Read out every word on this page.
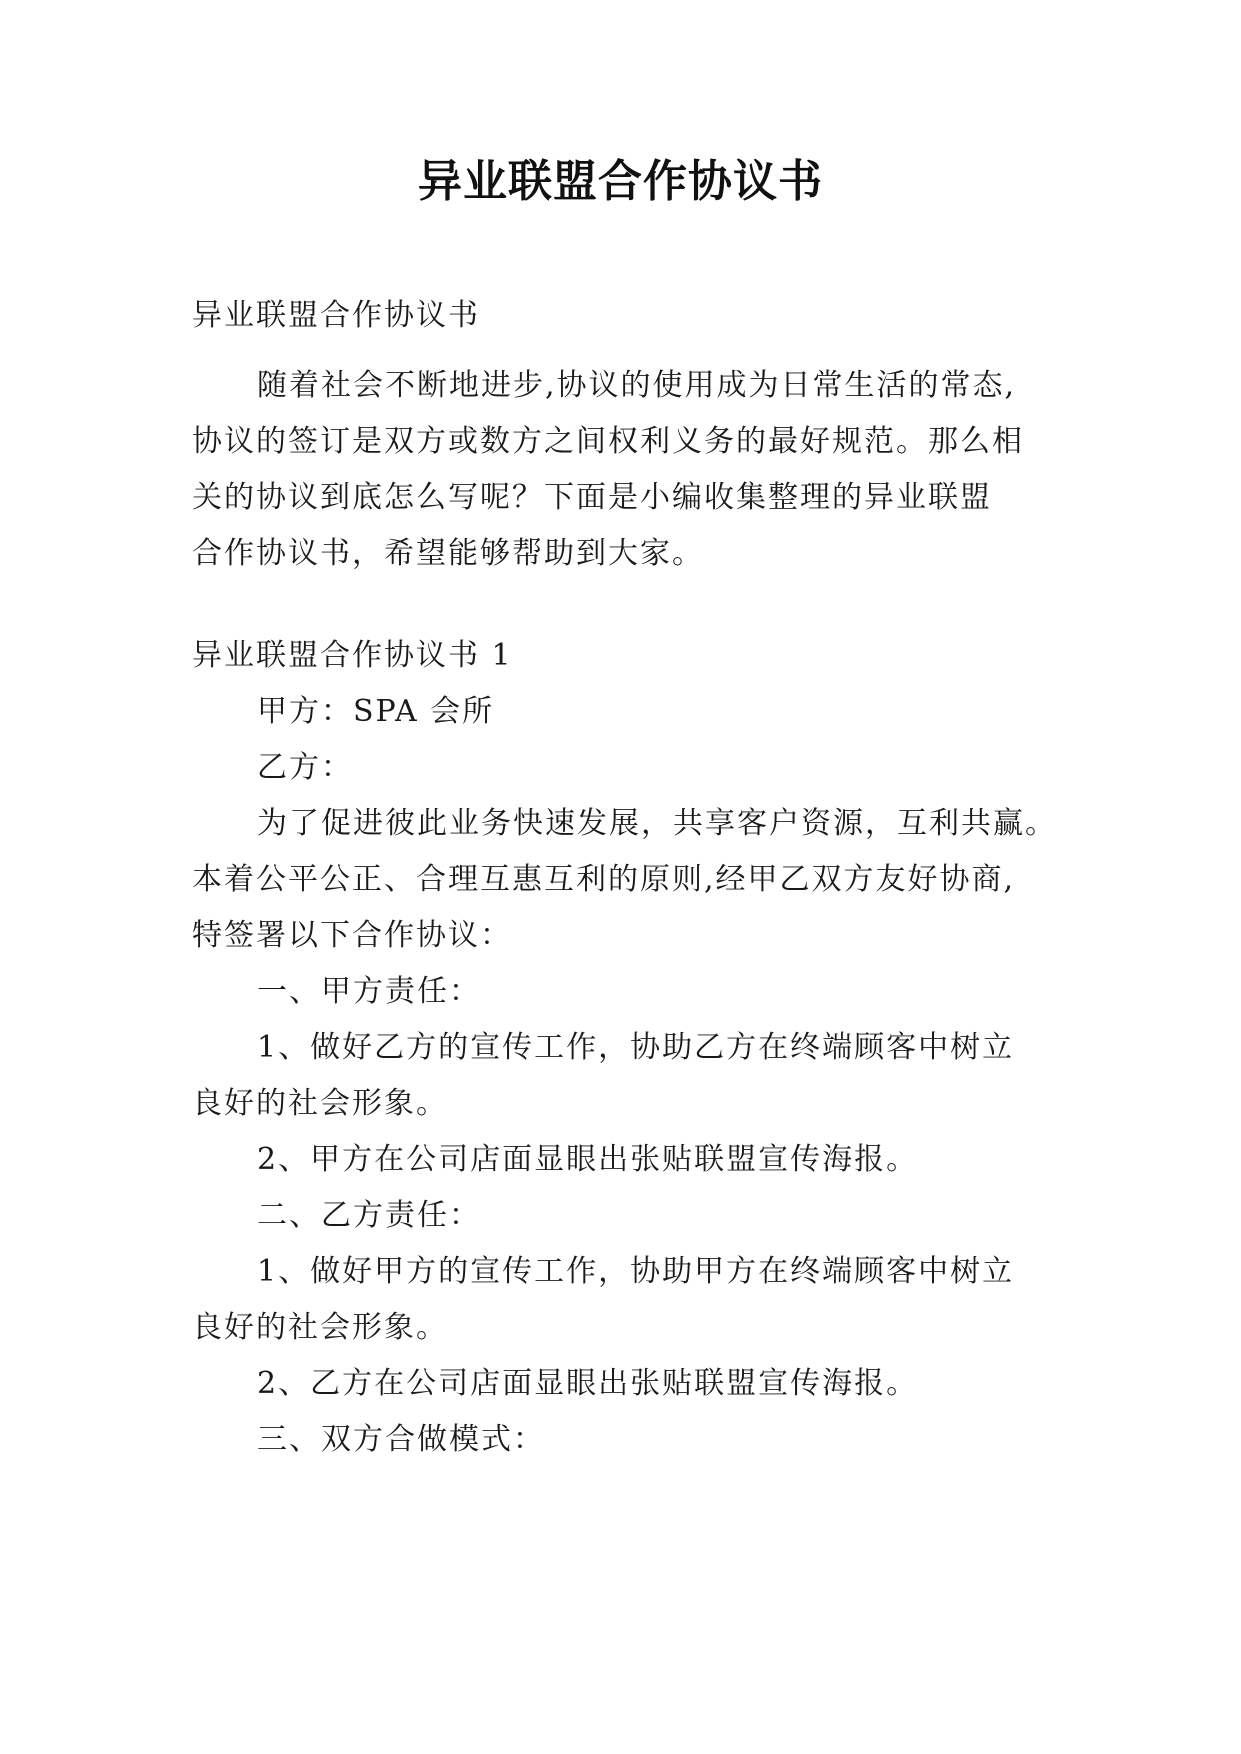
异业联盟合作协议书
异业联盟合作协议书
随着社会不断地进步,协议的使用成为日常生活的常态,
协议的签订是双方或数方之间权利义务的最好规范。那么相
关的协议到底怎么写呢？下面是小编收集整理的异业联盟
合作协议书，希望能够帮助到大家。
异业联盟合作协议书 1
甲方：SPA 会所
乙方：
为了促进彼此业务快速发展，共享客户资源，互利共赢。
本着公平公正、合理互惠互利的原则,经甲乙双方友好协商,
特签署以下合作协议：
一、甲方责任：
1、做好乙方的宣传工作，协助乙方在终端顾客中树立
良好的社会形象。
2、甲方在公司店面显眼出张贴联盟宣传海报。
二、乙方责任：
1、做好甲方的宣传工作，协助甲方在终端顾客中树立
良好的社会形象。
2、乙方在公司店面显眼出张贴联盟宣传海报。
三、双方合做模式：
